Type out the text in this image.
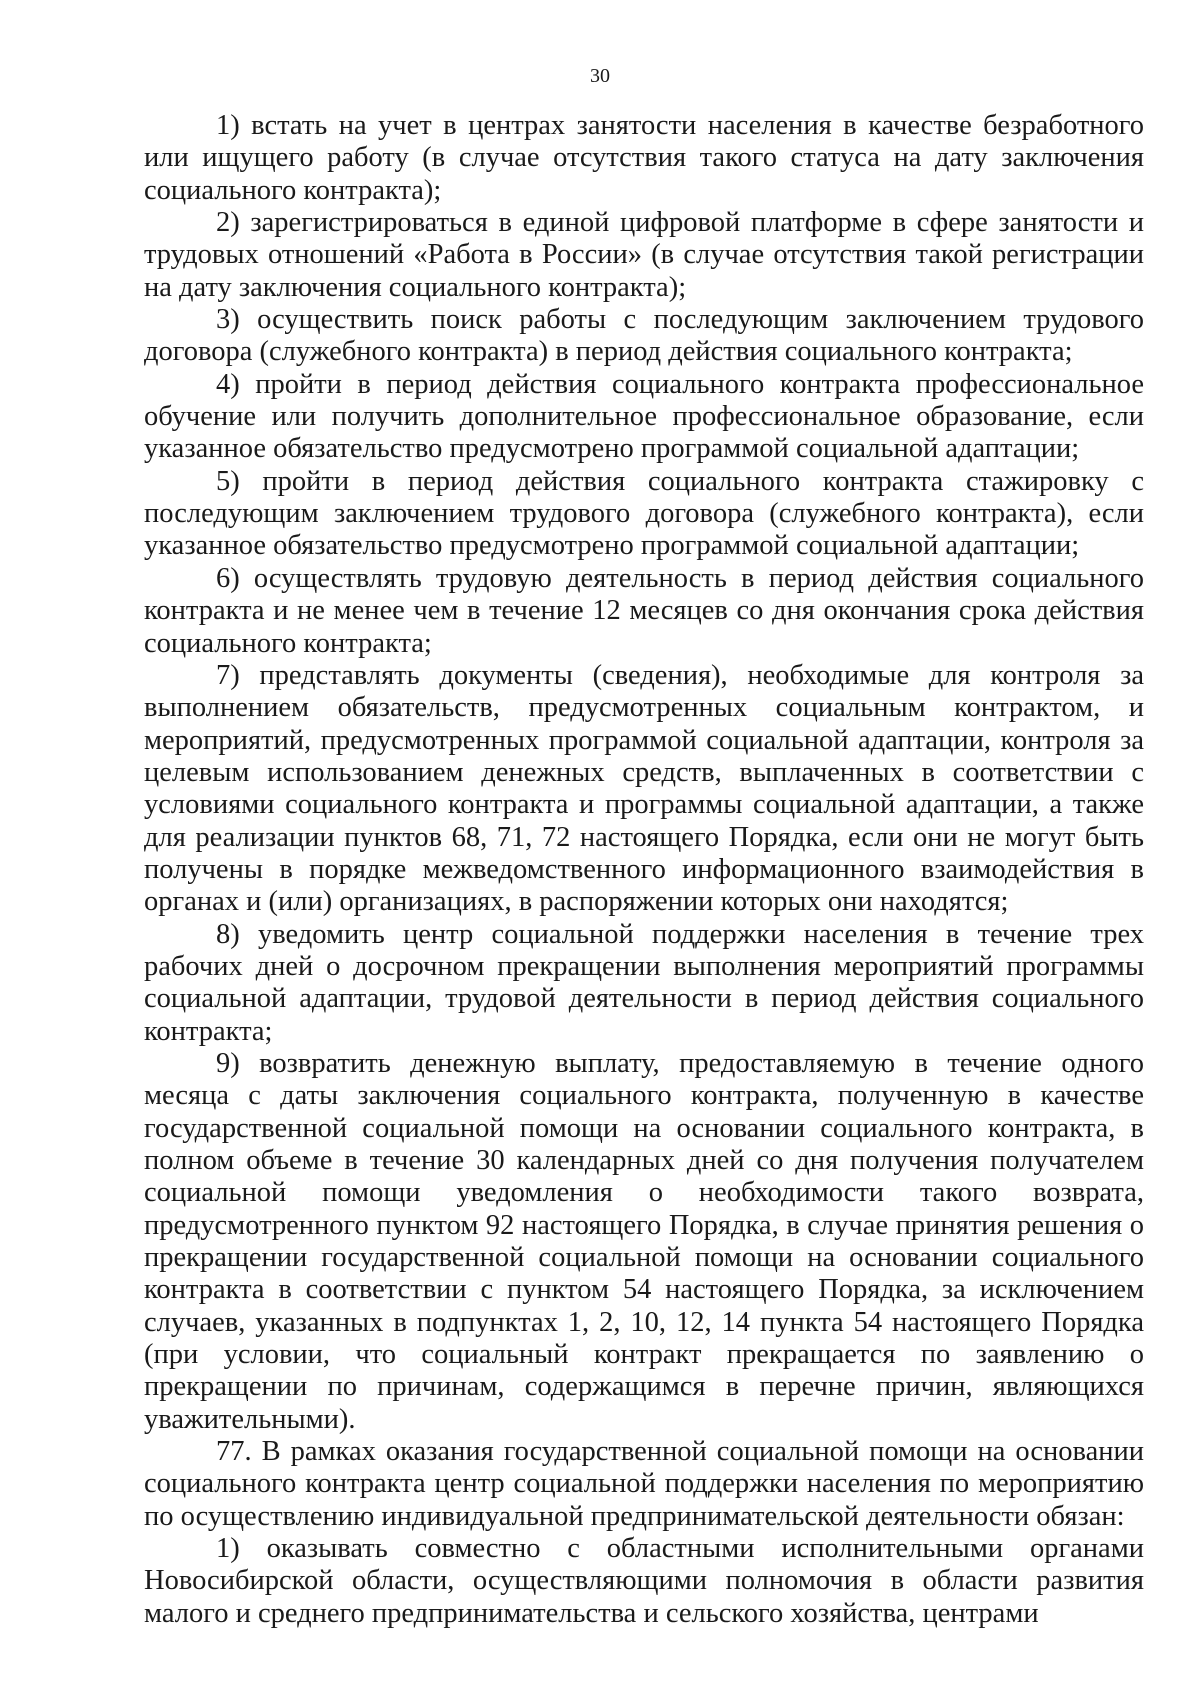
30

1) встать на учет в центрах занятости населения в качестве безработного или ищущего работу (в случае отсутствия такого статуса на дату заключения социального контракта);

2) зарегистрироваться в единой цифровой платформе в сфере занятости и трудовых отношений «Работа в России» (в случае отсутствия такой регистрации на дату заключения социального контракта);

3) осуществить поиск работы с последующим заключением трудового договора (служебного контракта) в период действия социального контракта;

4) пройти в период действия социального контракта профессиональное обучение или получить дополнительное профессиональное образование, если указанное обязательство предусмотрено программой социальной адаптации;

5) пройти в период действия социального контракта стажировку с последующим заключением трудового договора (служебного контракта), если указанное обязательство предусмотрено программой социальной адаптации;

6) осуществлять трудовую деятельность в период действия социального контракта и не менее чем в течение 12 месяцев со дня окончания срока действия социального контракта;

7) представлять документы (сведения), необходимые для контроля за выполнением обязательств, предусмотренных социальным контрактом, и мероприятий, предусмотренных программой социальной адаптации, контроля за целевым использованием денежных средств, выплаченных в соответствии с условиями социального контракта и программы социальной адаптации, а также для реализации пунктов 68, 71, 72 настоящего Порядка, если они не могут быть получены в порядке межведомственного информационного взаимодействия в органах и (или) организациях, в распоряжении которых они находятся;

8) уведомить центр социальной поддержки населения в течение трех рабочих дней о досрочном прекращении выполнения мероприятий программы социальной адаптации, трудовой деятельности в период действия социального контракта;

9) возвратить денежную выплату, предоставляемую в течение одного месяца с даты заключения социального контракта, полученную в качестве государственной социальной помощи на основании социального контракта, в полном объеме в течение 30 календарных дней со дня получения получателем социальной помощи уведомления о необходимости такого возврата, предусмотренного пунктом 92 настоящего Порядка, в случае принятия решения о прекращении государственной социальной помощи на основании социального контракта в соответствии с пунктом 54 настоящего Порядка, за исключением случаев, указанных в подпунктах 1, 2, 10, 12, 14 пункта 54 настоящего Порядка (при условии, что социальный контракт прекращается по заявлению о прекращении по причинам, содержащимся в перечне причин, являющихся уважительными).

77. В рамках оказания государственной социальной помощи на основании социального контракта центр социальной поддержки населения по мероприятию по осуществлению индивидуальной предпринимательской деятельности обязан:

1) оказывать совместно с областными исполнительными органами Новосибирской области, осуществляющими полномочия в области развития малого и среднего предпринимательства и сельского хозяйства, центрами
